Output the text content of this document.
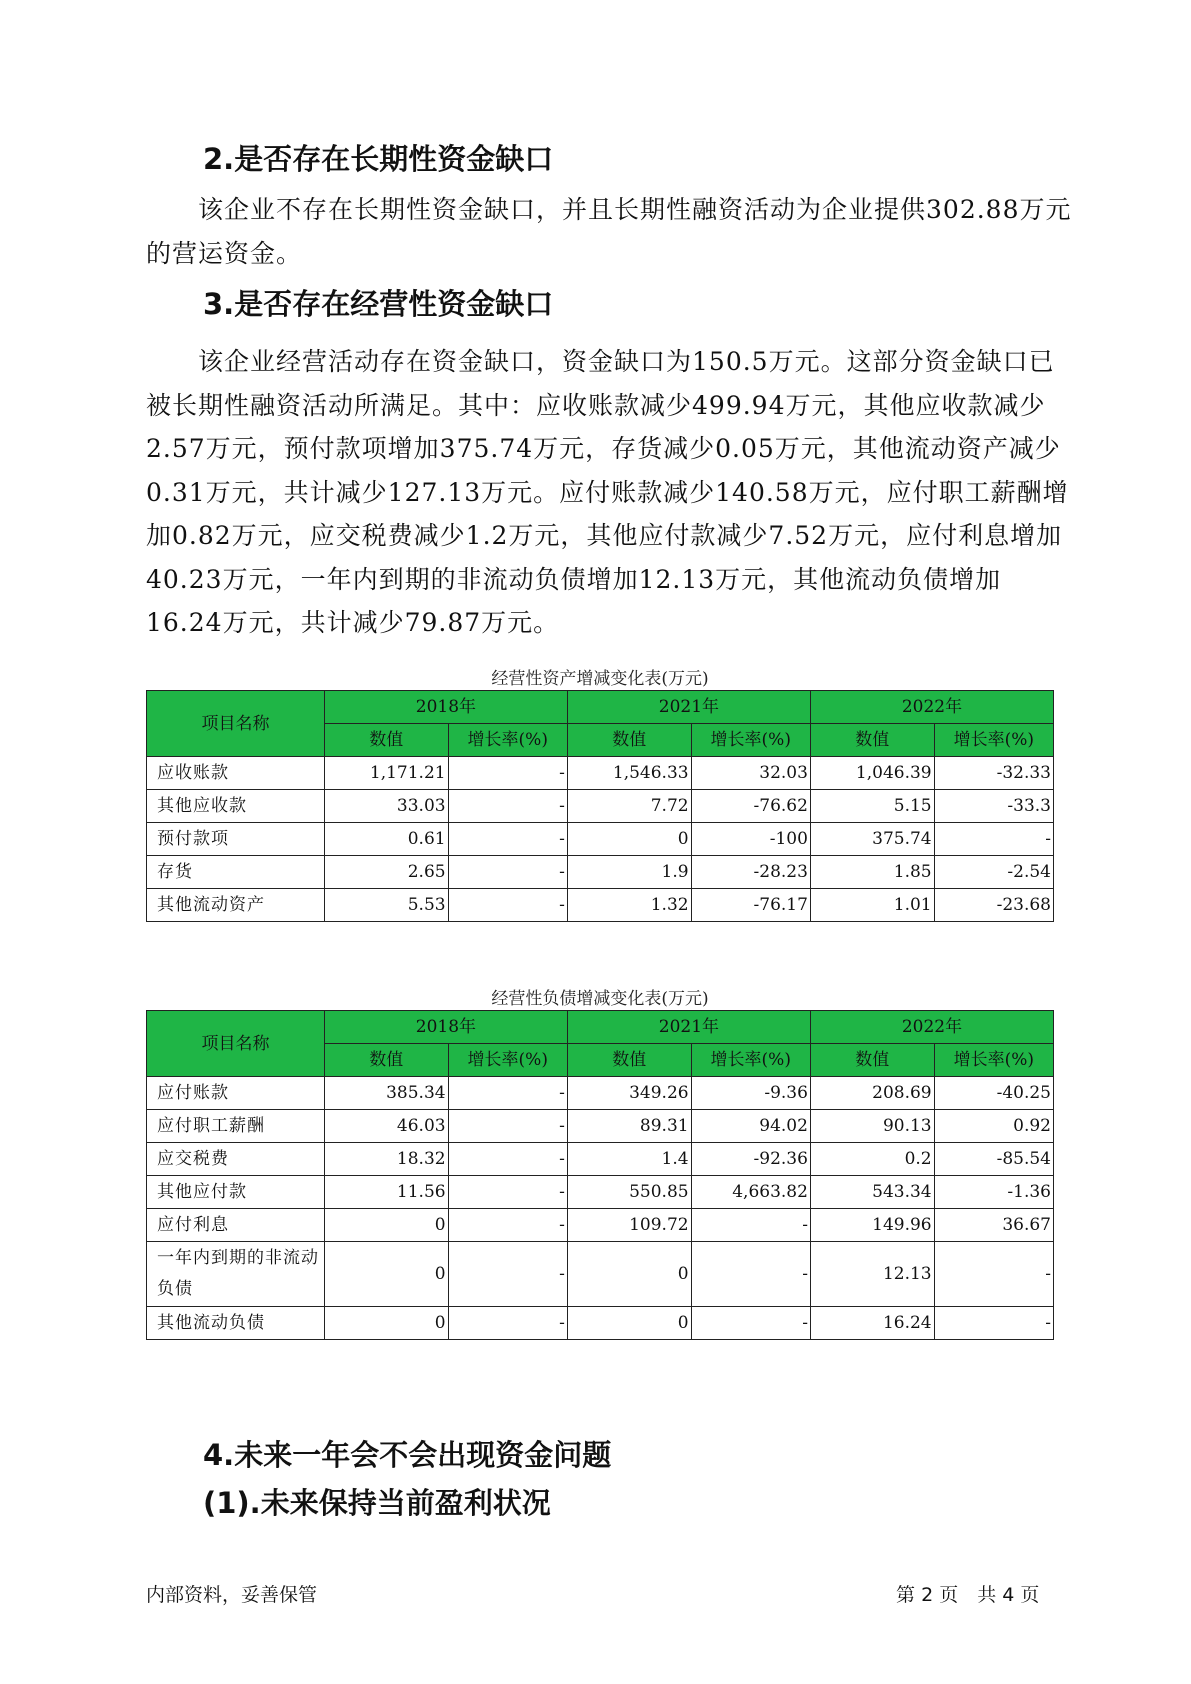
2.是否存在长期性资金缺口

该企业不存在长期性资金缺口，并且长期性融资活动为企业提供302.88万元的营运资金。

3.是否存在经营性资金缺口

该企业经营活动存在资金缺口，资金缺口为150.5万元。这部分资金缺口已被长期性融资活动所满足。其中：应收账款减少499.94万元，其他应收款减少2.57万元，预付款项增加375.74万元，存货减少0.05万元，其他流动资产减少0.31万元，共计减少127.13万元。应付账款减少140.58万元，应付职工薪酬增加0.82万元，应交税费减少1.2万元，其他应付款减少7.52万元，应付利息增加40.23万元，一年内到期的非流动负债增加12.13万元，其他流动负债增加16.24万元，共计减少79.87万元。

经营性资产增减变化表(万元)
项目名称	2018年		2021年		2022年	
	数值	增长率(%)	数值	增长率(%)	数值	增长率(%)
应收账款	1,171.21	-	1,546.33	32.03	1,046.39	-32.33
其他应收款	33.03	-	7.72	-76.62	5.15	-33.3
预付款项	0.61	-	0	-100	375.74	-
存货	2.65	-	1.9	-28.23	1.85	-2.54
其他流动资产	5.53	-	1.32	-76.17	1.01	-23.68
经营性负债增减变化表(万元)
项目名称	2018年		2021年		2022年	
	数值	增长率(%)	数值	增长率(%)	数值	增长率(%)
应付账款	385.34	-	349.26	-9.36	208.69	-40.25
应付职工薪酬	46.03	-	89.31	94.02	90.13	0.92
应交税费	18.32	-	1.4	-92.36	0.2	-85.54
其他应付款	11.56	-	550.85	4,663.82	543.34	-1.36
应付利息	0	-	109.72	-	149.96	36.67
一年内到期的非流动负债	0	-	0	-	12.13	-
其他流动负债	0	-	0	-	16.24	-
4.未来一年会不会出现资金问题
(1).未来保持当前盈利状况
内部资料，妥善保管	第 2 页　共 4 页
